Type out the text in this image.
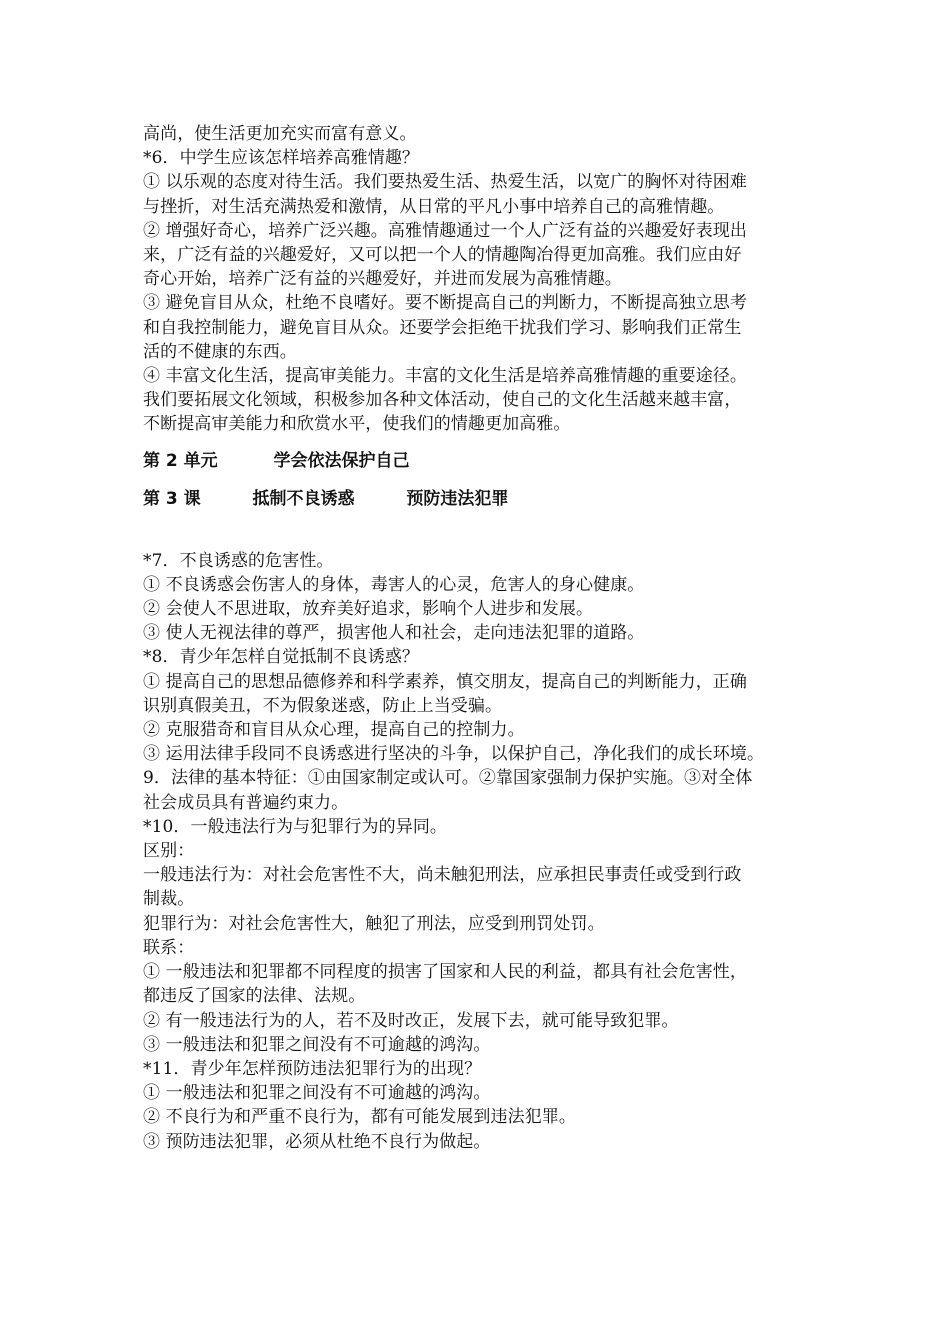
高尚，使生活更加充实而富有意义。
*6．中学生应该怎样培养高雅情趣？
① 以乐观的态度对待生活。我们要热爱生活、热爱生活，以宽广的胸怀对待困难
与挫折，对生活充满热爱和激情，从日常的平凡小事中培养自己的高雅情趣。
② 增强好奇心，培养广泛兴趣。高雅情趣通过一个人广泛有益的兴趣爱好表现出
来，广泛有益的兴趣爱好，又可以把一个人的情趣陶冶得更加高雅。我们应由好
奇心开始，培养广泛有益的兴趣爱好，并进而发展为高雅情趣。
③ 避免盲目从众，杜绝不良嗜好。要不断提高自己的判断力，不断提高独立思考
和自我控制能力，避免盲目从众。还要学会拒绝干扰我们学习、影响我们正常生
活的不健康的东西。
④ 丰富文化生活，提高审美能力。丰富的文化生活是培养高雅情趣的重要途径。
我们要拓展文化领域，积极参加各种文体活动，使自己的文化生活越来越丰富，
不断提高审美能力和欣赏水平，使我们的情趣更加高雅。
第 2 单元	学会依法保护自己
第 3 课	抵制不良诱惑	预防违法犯罪
*7．不良诱惑的危害性。
① 不良诱惑会伤害人的身体，毒害人的心灵，危害人的身心健康。
② 会使人不思进取，放弃美好追求，影响个人进步和发展。
③ 使人无视法律的尊严，损害他人和社会，走向违法犯罪的道路。
*8．青少年怎样自觉抵制不良诱惑？
① 提高自己的思想品德修养和科学素养，慎交朋友，提高自己的判断能力，正确
识别真假美丑，不为假象迷惑，防止上当受骗。
② 克服猎奇和盲目从众心理，提高自己的控制力。
③ 运用法律手段同不良诱惑进行坚决的斗争，以保护自己，净化我们的成长环境。
9．法律的基本特征：①由国家制定或认可。②靠国家强制力保护实施。③对全体
社会成员具有普遍约束力。
*10．一般违法行为与犯罪行为的异同。
区别：
一般违法行为：对社会危害性不大，尚未触犯刑法，应承担民事责任或受到行政
制裁。
犯罪行为：对社会危害性大，触犯了刑法，应受到刑罚处罚。
联系：
① 一般违法和犯罪都不同程度的损害了国家和人民的利益，都具有社会危害性，
都违反了国家的法律、法规。
② 有一般违法行为的人，若不及时改正，发展下去，就可能导致犯罪。
③ 一般违法和犯罪之间没有不可逾越的鸿沟。
*11．青少年怎样预防违法犯罪行为的出现？
① 一般违法和犯罪之间没有不可逾越的鸿沟。
② 不良行为和严重不良行为，都有可能发展到违法犯罪。
③ 预防违法犯罪，必须从杜绝不良行为做起。
